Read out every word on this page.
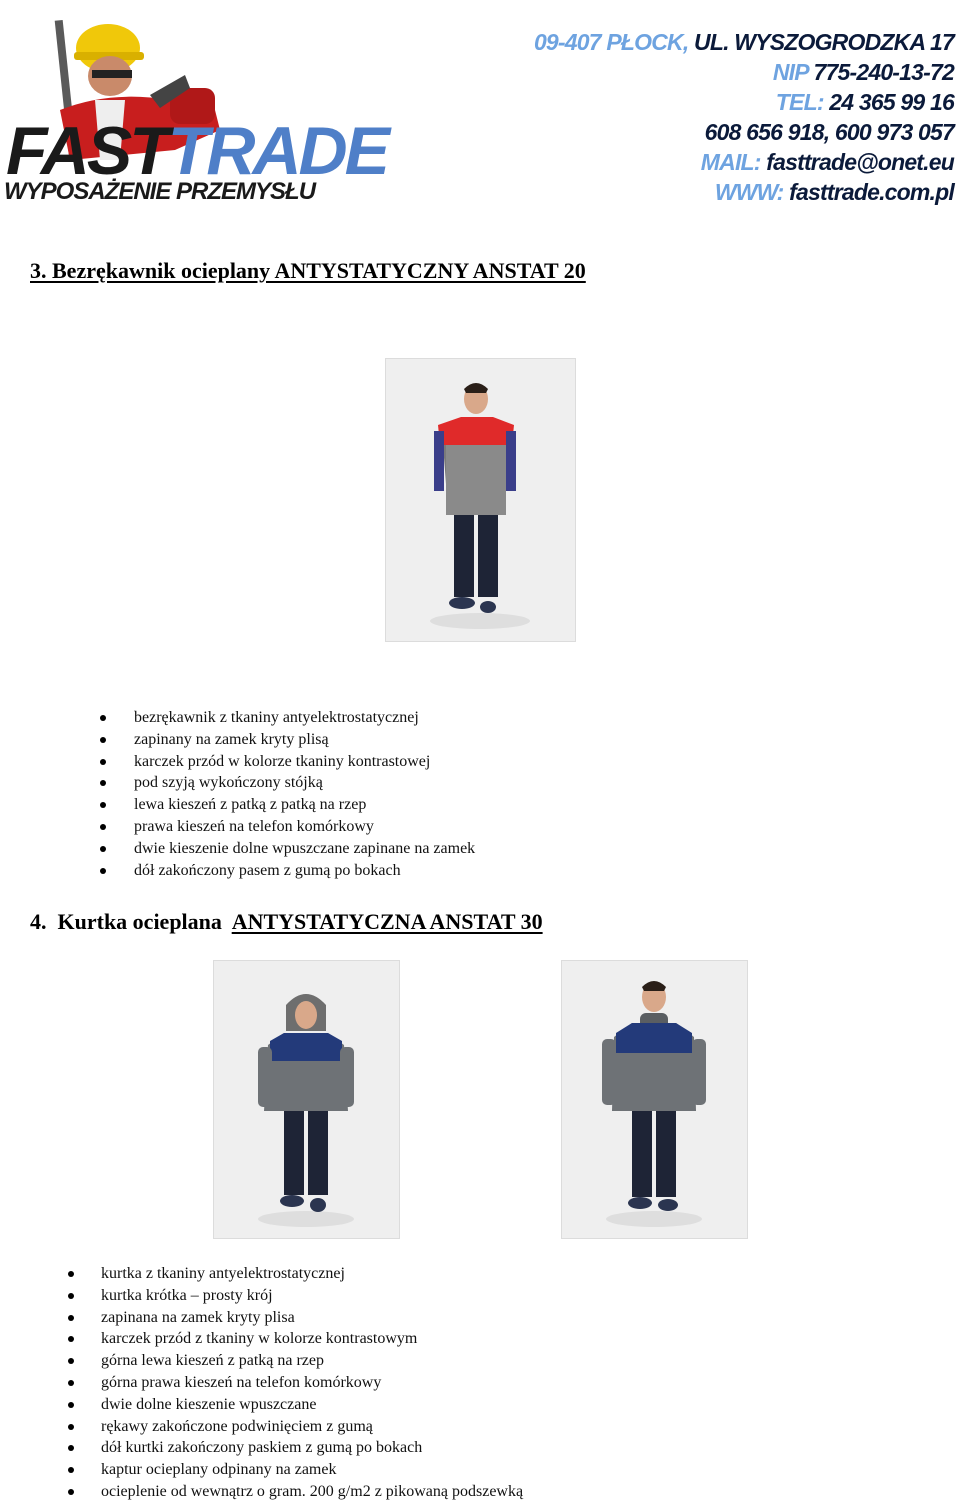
FASTTRADE
WYPOSAŻENIE PRZEMYSŁU
09-407 PŁOCK, UL. WYSZOGRODZKA 17
NIP 775-240-13-72
TEL: 24 365 99 16
608 656 918, 600 973 057
MAIL: fasttrade@onet.eu
WWW: fasttrade.com.pl
3. Bezrękawnik ocieplany ANTYSTATYCZNY ANSTAT 20
bezrękawnik z tkaniny antyelektrostatycznej
zapinany na zamek kryty plisą
karczek przód w kolorze tkaniny kontrastowej
pod szyją wykończony stójką
lewa kieszeń z patką z patką na rzep
prawa kieszeń na telefon komórkowy
dwie kieszenie dolne wpuszczane zapinane na zamek
dół zakończony pasem z gumą po bokach
4.  Kurtka ocieplana  ANTYSTATYCZNA ANSTAT 30
kurtka z tkaniny antyelektrostatycznej
kurtka krótka – prosty krój
zapinana na zamek kryty plisa
karczek przód z tkaniny w kolorze kontrastowym
górna lewa kieszeń z patką na rzep
górna prawa kieszeń na telefon komórkowy
dwie dolne kieszenie wpuszczane
rękawy zakończone podwinięciem z gumą
dół kurtki zakończony paskiem z gumą po bokach
kaptur ocieplany odpinany na zamek
ocieplenie od wewnątrz o gram. 200 g/m2 z pikowaną podszewką
